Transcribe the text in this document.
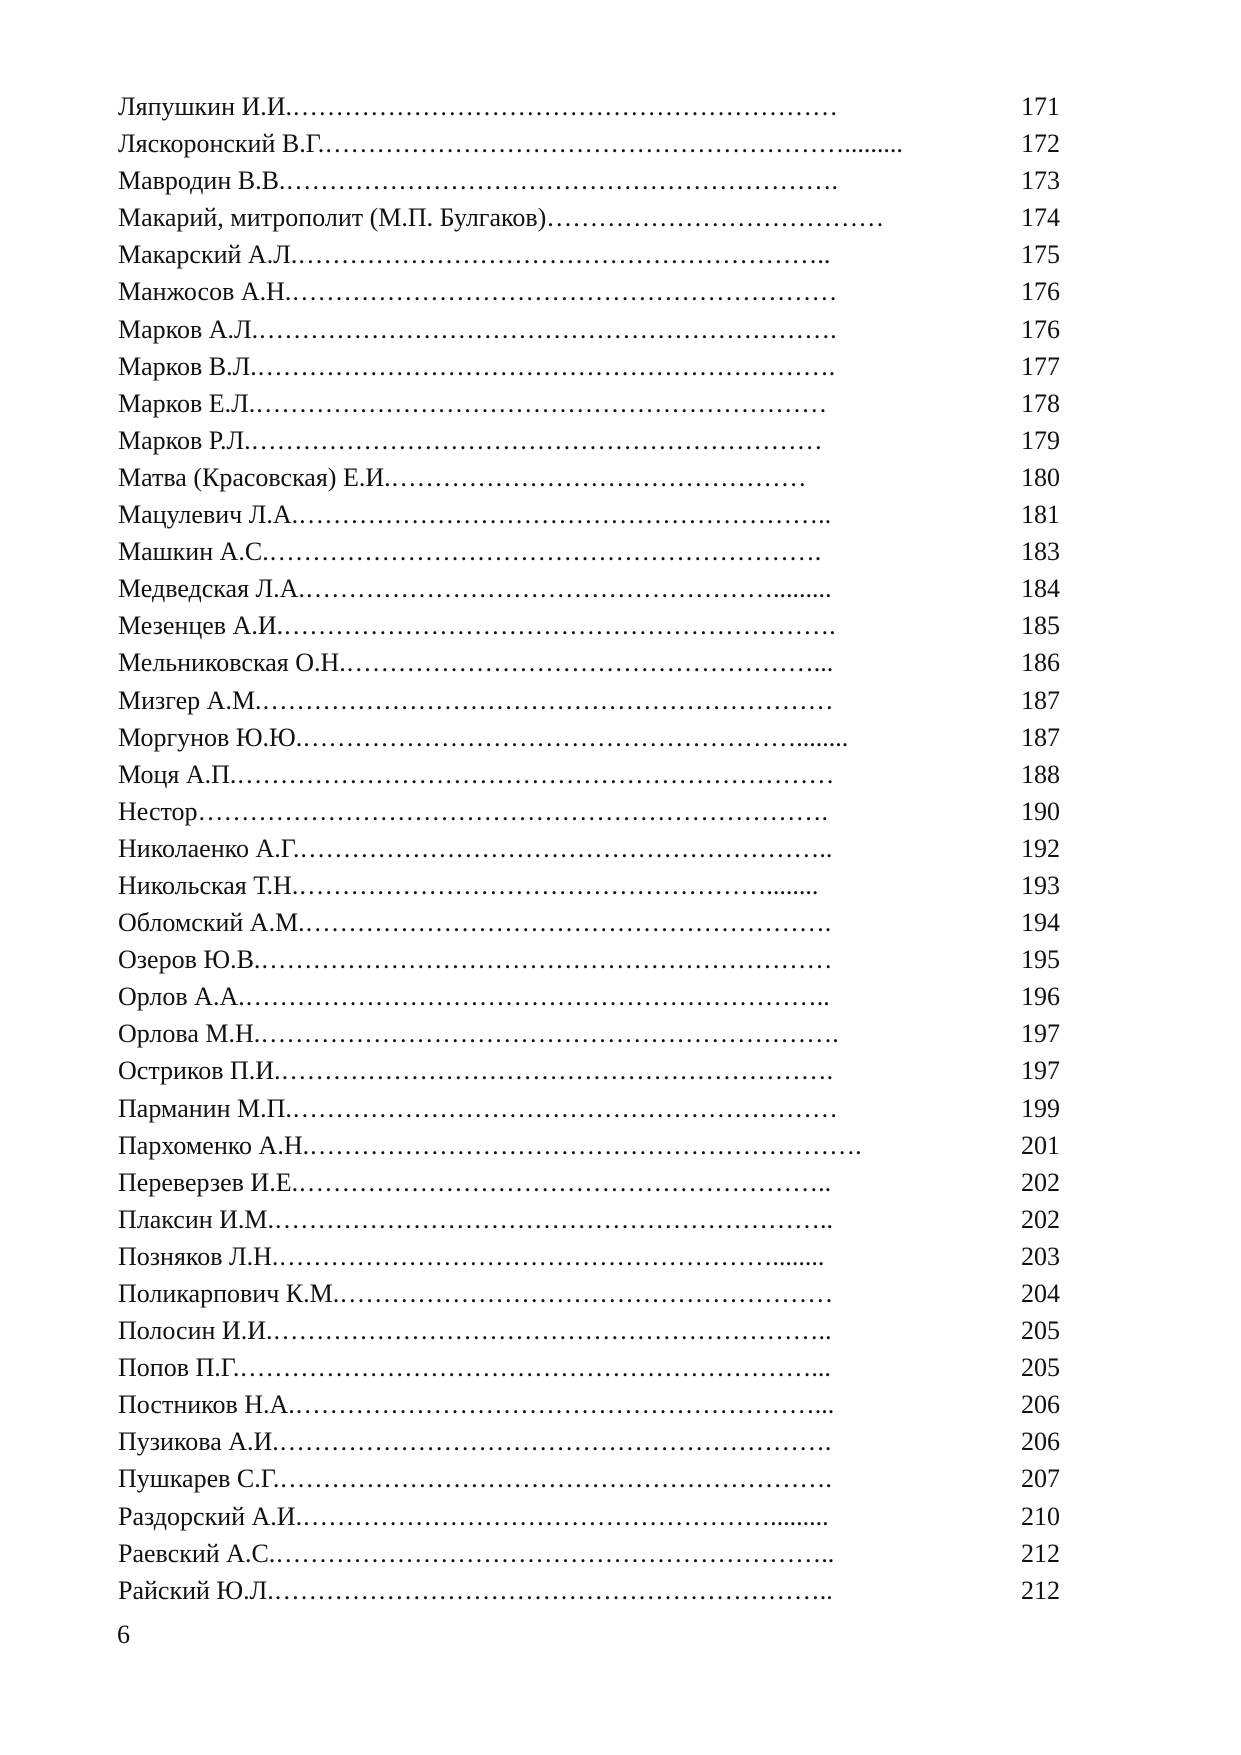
Ляпушкин И.И.………………………………………………………	171
Ляскоронский В.Г.…………………………………………………….........	172
Мавродин В.В.……………………………………………………….	173
Макарий, митрополит (М.П. Булгаков)…………………………………	174
Макарский А.Л.……………………………………………………..	175
Манжосов А.Н.………………………………………………………	176
Марков А.Л.………………………………………………………….	176
Марков В.Л.………………………………………………………….	177
Марков Е.Л.…………………………………………………………	178
Марков Р.Л.…………………………………………………………	179
Матва (Красовская) Е.И.…………………………………………	180
Мацулевич Л.А.……………………………………………………..	181
Машкин А.С.……………………………………………………….	183
Медведская Л.А.……………………………………………….........	184
Мезенцев А.И.……………………………………………………….	185
Мельниковская О.Н.………………………………………………...	186
Мизгер А.М.…………………………………………………………	187
Моргунов Ю.Ю.…………………………………………………........	187
Моця А.П.……………………………………………………………	188
Нестор……………………………………………………………….	190
Николаенко А.Г.……………………………………………………..	192
Никольская Т.Н.………………………………………………........	193
Обломский А.М.…………………………………………………….	194
Озеров Ю.В.…………………………………………………………	195
Орлов А.А.…………………………………………………………..	196
Орлова М.Н.………………………………………………………….	197
Остриков П.И.……………………………………………………….	197
Парманин М.П.………………………………………………………	199
Пархоменко А.Н.……………………………………………………….	201
Переверзев И.Е.……………………………………………………..	202
Плаксин И.М.………………………………………………………..	202
Позняков Л.Н.…………………………………………………........	203
Поликарпович К.М.…………………………………………………	204
Полосин И.И.………………………………………………………..	205
Попов П.Г.…………………………………………………………...	205
Постников Н.А.……………………………………………………...	206
Пузикова А.И.……………………………………………………….	206
Пушкарев С.Г.……………………………………………………….	207
Раздорский А.И.……………………………………………….........	210
Раевский А.С.………………………………………………………..	212
Райский Ю.Л.………………………………………………………..	212
6
